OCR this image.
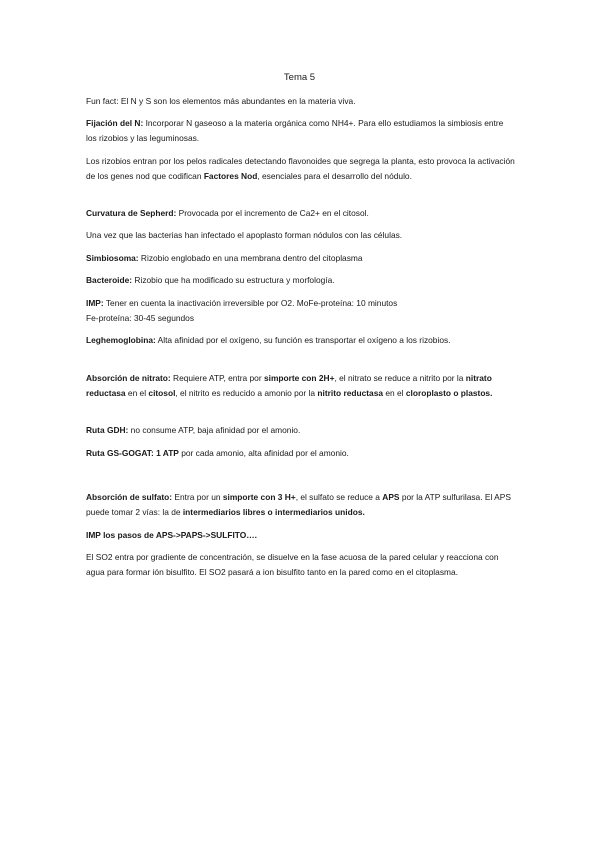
Tema 5

Fun fact: El N y S son los elementos más abundantes en la materia viva.

Fijación del N: Incorporar N gaseoso a la materia orgánica como NH4+. Para ello estudiamos la simbiosis entre los rizobios y las leguminosas.

Los rizobios entran por los pelos radicales detectando flavonoides que segrega la planta, esto provoca la activación de los genes nod que codifican Factores Nod, esenciales para el desarrollo del nódulo.

Curvatura de Sepherd: Provocada por el incremento de Ca2+ en el citosol.

Una vez que las bacterias han infectado el apoplasto forman nódulos con las células.

Simbiosoma: Rizobio englobado en una membrana dentro del citoplasma

Bacteroide: Rizobio que ha modificado su estructura y morfología.

IMP: Tener en cuenta la inactivación irreversible por O2. MoFe-proteína: 10 minutos
Fe-proteína: 30-45 segundos

Leghemoglobina: Alta afinidad por el oxígeno, su función es transportar el oxígeno a los rizobios.

Absorción de nitrato: Requiere ATP, entra por simporte con 2H+, el nitrato se reduce a nitrito por la nitrato reductasa en el citosol, el nitrito es reducido a amonio por la nitrito reductasa en el cloroplasto o plastos.

Ruta GDH: no consume ATP, baja afinidad por el amonio.

Ruta GS-GOGAT: 1 ATP por cada amonio, alta afinidad por el amonio.

Absorción de sulfato: Entra por un simporte con 3 H+, el sulfato se reduce a APS por la ATP sulfurilasa. El APS puede tomar 2 vías: la de intermediarios libres o intermediarios unidos.

IMP los pasos de APS->PAPS->SULFITO….

El SO2 entra por gradiente de concentración, se disuelve en la fase acuosa de la pared celular y reacciona con agua para formar ión bisulfito. El SO2 pasará a ion bisulfito tanto en la pared como en el citoplasma.
